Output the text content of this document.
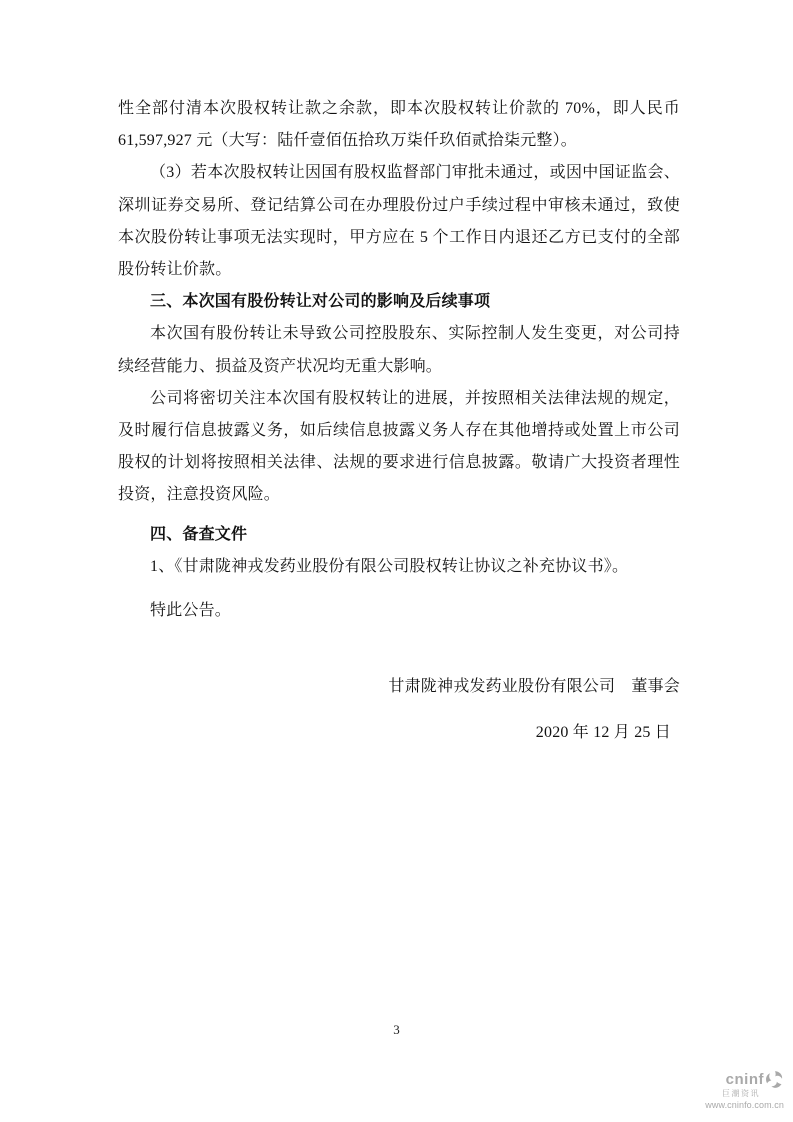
性全部付清本次股权转让款之余款，即本次股权转让价款的 70%，即人民币 61,597,927 元（大写：陆仟壹佰伍拾玖万柒仟玖佰贰拾柒元整）。
（3）若本次股权转让因国有股权监督部门审批未通过，或因中国证监会、深圳证券交易所、登记结算公司在办理股份过户手续过程中审核未通过，致使本次股份转让事项无法实现时，甲方应在 5 个工作日内退还乙方已支付的全部股份转让价款。
三、本次国有股份转让对公司的影响及后续事项
本次国有股份转让未导致公司控股股东、实际控制人发生变更，对公司持续经营能力、损益及资产状况均无重大影响。
公司将密切关注本次国有股权转让的进展，并按照相关法律法规的规定，及时履行信息披露义务，如后续信息披露义务人存在其他增持或处置上市公司股权的计划将按照相关法律、法规的要求进行信息披露。敬请广大投资者理性投资，注意投资风险。
四、备查文件
1、《甘肃陇神戎发药业股份有限公司股权转让协议之补充协议书》。
特此公告。
甘肃陇神戎发药业股份有限公司　董事会
2020 年 12 月 25 日
3
cninf
巨潮资讯
www.cninfo.com.cn
